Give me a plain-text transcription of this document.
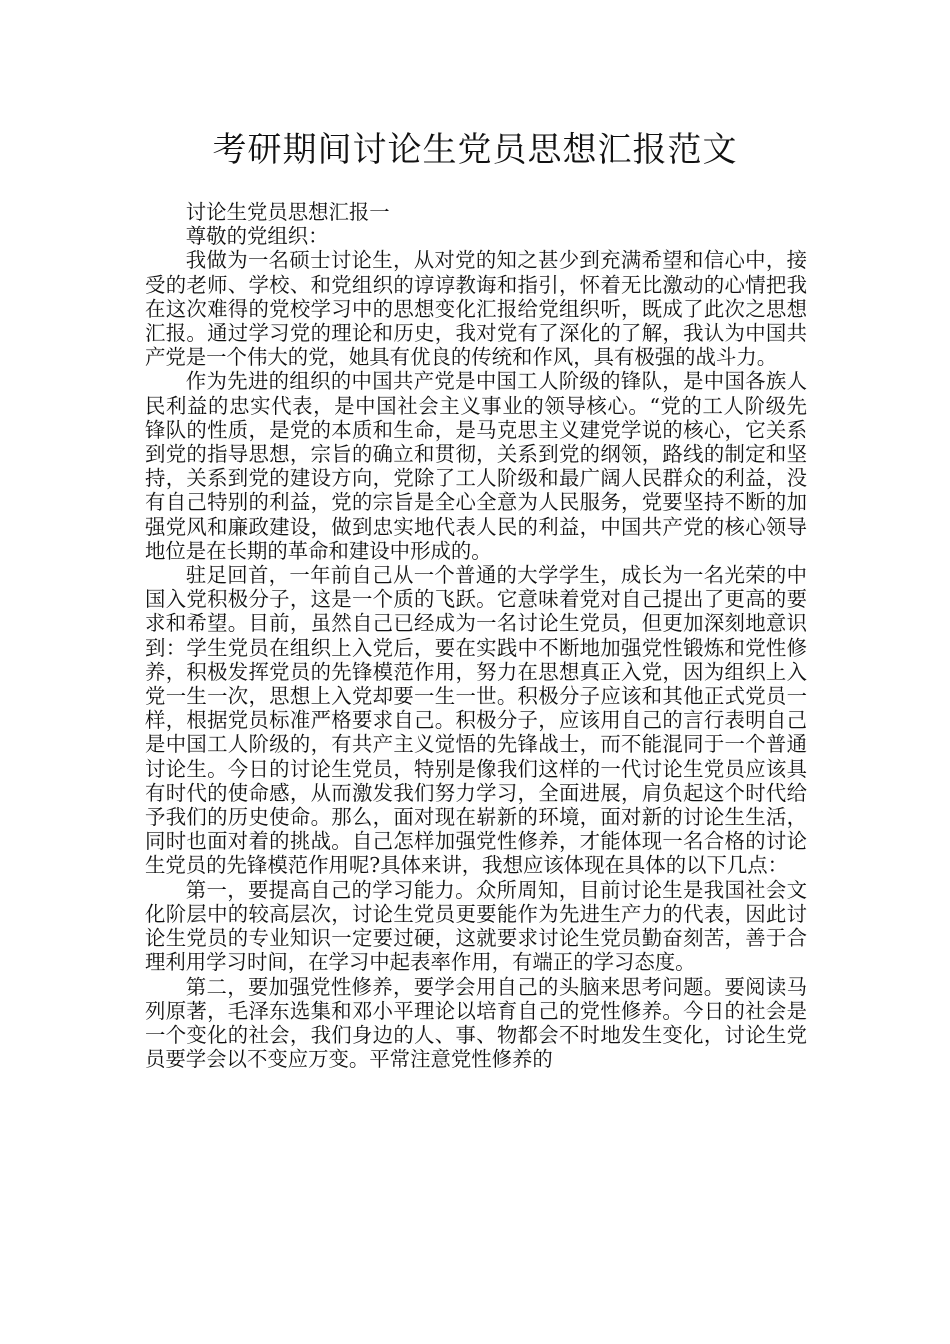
考研期间讨论生党员思想汇报范文

讨论生党员思想汇报一

尊敬的党组织：

我做为一名硕士讨论生，从对党的知之甚少到充满希望和信心中，接受的老师、学校、和党组织的谆谆教诲和指引，怀着无比激动的心情把我在这次难得的党校学习中的思想变化汇报给党组织听，既成了此次之思想汇报。通过学习党的理论和历史，我对党有了深化的了解，我认为中国共产党是一个伟大的党，她具有优良的传统和作风，具有极强的战斗力。

作为先进的组织的中国共产党是中国工人阶级的锋队，是中国各族人民利益的忠实代表，是中国社会主义事业的领导核心。“党的工人阶级先锋队的性质，是党的本质和生命，是马克思主义建党学说的核心，它关系到党的指导思想，宗旨的确立和贯彻，关系到党的纲领，路线的制定和坚持，关系到党的建设方向，党除了工人阶级和最广阔人民群众的利益，没有自己特别的利益，党的宗旨是全心全意为人民服务，党要坚持不断的加强党风和廉政建设，做到忠实地代表人民的利益，中国共产党的核心领导地位是在长期的革命和建设中形成的。

驻足回首，一年前自己从一个普通的大学学生，成长为一名光荣的中国入党积极分子，这是一个质的飞跃。它意味着党对自己提出了更高的要求和希望。目前，虽然自己已经成为一名讨论生党员，但更加深刻地意识到：学生党员在组织上入党后，要在实践中不断地加强党性锻炼和党性修养，积极发挥党员的先锋模范作用，努力在思想真正入党，因为组织上入党一生一次，思想上入党却要一生一世。积极分子应该和其他正式党员一样，根据党员标准严格要求自己。积极分子，应该用自己的言行表明自己是中国工人阶级的，有共产主义觉悟的先锋战士，而不能混同于一个普通讨论生。今日的讨论生党员，特别是像我们这样的一代讨论生党员应该具有时代的使命感，从而激发我们努力学习，全面进展，肩负起这个时代给予我们的历史使命。那么，面对现在崭新的环境，面对新的讨论生生活，同时也面对着的挑战。自己怎样加强党性修养，才能体现一名合格的讨论生党员的先锋模范作用呢?具体来讲，我想应该体现在具体的以下几点：

第一，要提高自己的学习能力。众所周知，目前讨论生是我国社会文化阶层中的较高层次，讨论生党员更要能作为先进生产力的代表，因此讨论生党员的专业知识一定要过硬，这就要求讨论生党员勤奋刻苦，善于合理利用学习时间，在学习中起表率作用，有端正的学习态度。

第二，要加强党性修养，要学会用自己的头脑来思考问题。要阅读马列原著，毛泽东选集和邓小平理论以培育自己的党性修养。今日的社会是一个变化的社会，我们身边的人、事、物都会不时地发生变化，讨论生党员要学会以不变应万变。平常注意党性修养的
